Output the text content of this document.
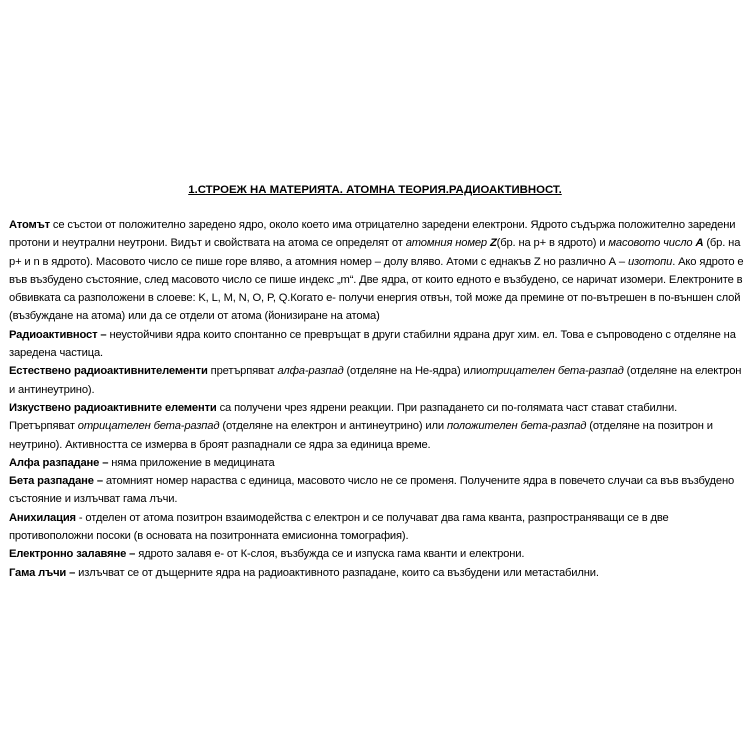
1.СТРОЕЖ НА МАТЕРИЯТА. АТОМНА ТЕОРИЯ.РАДИОАКТИВНОСТ.

Атомът се състои от положително заредено ядро, около което има отрицателно заредени електрони. Ядрото съдържа положително заредени протони и неутрални неутрони. Видът и свойствата на атома се определят от атомния номер Z(бр. на р+ в ядрото) и масовото число А (бр. на р+ и n в ядрото). Масовото число се пише горе вляво, а атомния номер – долу вляво. Атоми с еднакъв Z но различно А – изотопи. Ако ядрото е във възбудено състояние, след масовото число се пише индекс „m“. Две ядра, от които едното е възбудено, се наричат изомери. Електроните в обвивката са разположени в слоеве: K, L, M, N, O, P, Q.Когато е- получи енергия отвън, той може да премине от по-вътрешен в по-външен слой (възбуждане на атома) или да се отдели от атома (йонизиране на атома)

Радиоактивност – неустойчиви ядра които спонтанно се превръщат в други стабилни ядрана друг хим. ел. Това е съпроводено с отделяне на заредена частица.

Естествено радиоактивнителементи претърпяват алфа-разпад (отделяне на Не-ядра) илиотрицателен бета-разпад (отделяне на електрон и антинеутрино).

Изкуствено радиоактивните елементи са получени чрез ядрени реакции. При разпадането си по-голямата част стават стабилни. Претърпяват отрицателен бета-разпад (отделяне на електрон и антинеутрино) или положителен бета-разпад (отделяне на позитрон и неутрино). Активността се измерва в броят разпаднали се ядра за единица време.

Алфа разпадане – няма приложение в медицината

Бета разпадане – атомният номер нараства с единица, масовото число не се променя. Получените ядра в повечето случаи са във възбудено състояние и излъчват гама лъчи.

Анихилация - отделен от атома позитрон взаимодейства с електрон и се получават два гама кванта, разпространяващи се в две противоположни посоки (в основата на позитронната емисионна томография).

Електронно залавяне – ядрото залавя е- от К-слоя, възбужда се и изпуска гама кванти и електрони.

Гама лъчи – излъчват се от дъщерните ядра на радиоактивното разпадане, които са възбудени или метастабилни.
